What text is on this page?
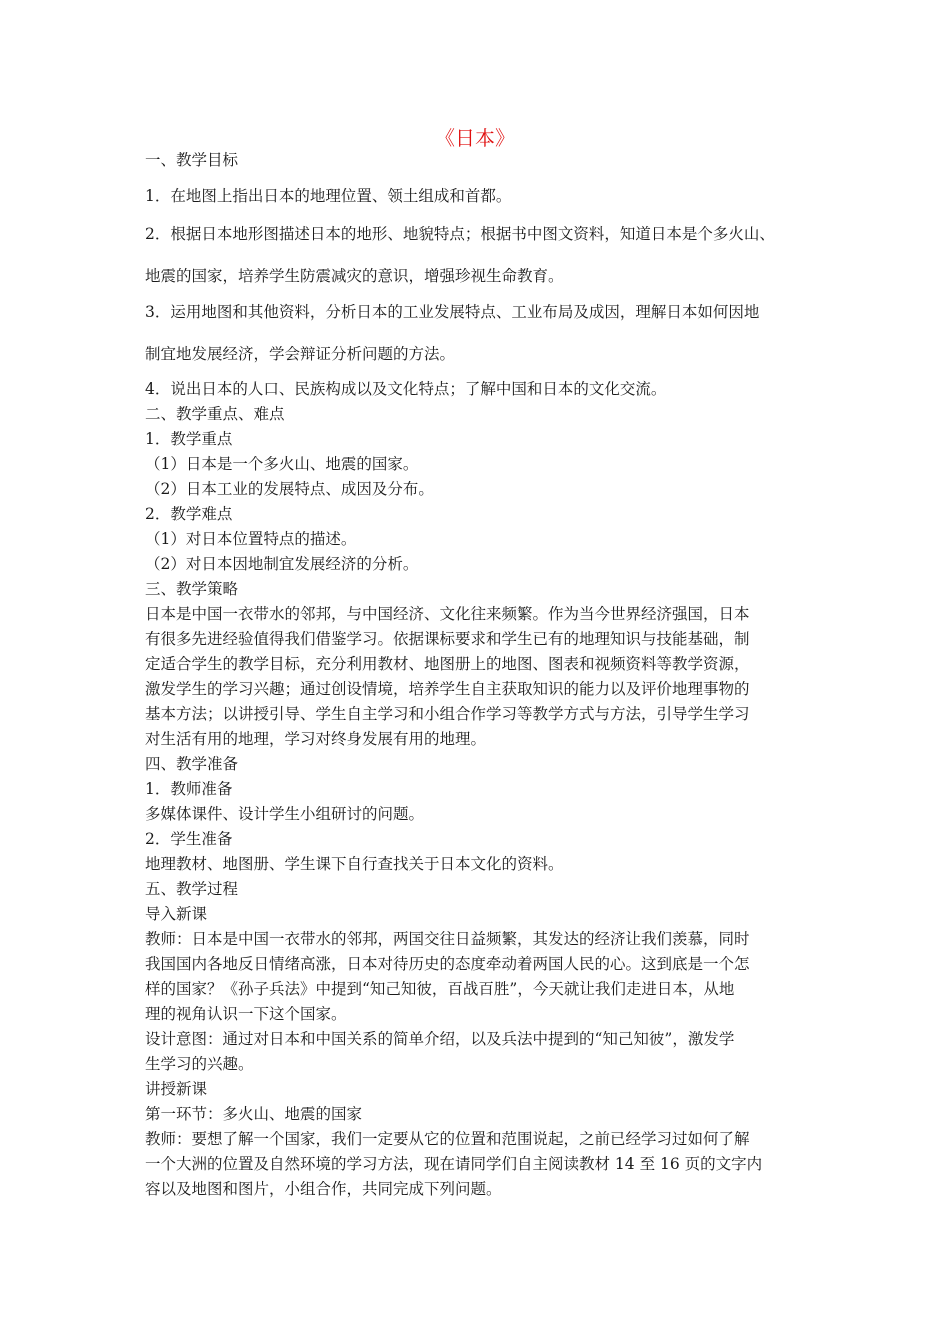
《日本》

一、教学目标

1．在地图上指出日本的地理位置、领土组成和首都。

2．根据日本地形图描述日本的地形、地貌特点；根据书中图文资料，知道日本是个多火山、

地震的国家，培养学生防震减灾的意识，增强珍视生命教育。

3．运用地图和其他资料，分析日本的工业发展特点、工业布局及成因，理解日本如何因地

制宜地发展经济，学会辩证分析问题的方法。

4．说出日本的人口、民族构成以及文化特点；了解中国和日本的文化交流。

二、教学重点、难点

1．教学重点

（1）日本是一个多火山、地震的国家。

（2）日本工业的发展特点、成因及分布。

2．教学难点

（1）对日本位置特点的描述。

（2）对日本因地制宜发展经济的分析。

三、教学策略

日本是中国一衣带水的邻邦，与中国经济、文化往来频繁。作为当今世界经济强国，日本

有很多先进经验值得我们借鉴学习。依据课标要求和学生已有的地理知识与技能基础，制

定适合学生的教学目标，充分利用教材、地图册上的地图、图表和视频资料等教学资源，

激发学生的学习兴趣；通过创设情境，培养学生自主获取知识的能力以及评价地理事物的

基本方法；以讲授引导、学生自主学习和小组合作学习等教学方式与方法，引导学生学习

对生活有用的地理，学习对终身发展有用的地理。

四、教学准备

1．教师准备

多媒体课件、设计学生小组研讨的问题。

2．学生准备

地理教材、地图册、学生课下自行查找关于日本文化的资料。

五、教学过程

导入新课

教师：日本是中国一衣带水的邻邦，两国交往日益频繁，其发达的经济让我们羡慕，同时

我国国内各地反日情绪高涨，日本对待历史的态度牵动着两国人民的心。这到底是一个怎

样的国家？《孙子兵法》中提到“知己知彼，百战百胜”，今天就让我们走进日本，从地

理的视角认识一下这个国家。

设计意图：通过对日本和中国关系的简单介绍，以及兵法中提到的“知己知彼”，激发学

生学习的兴趣。

讲授新课

第一环节：多火山、地震的国家

教师：要想了解一个国家，我们一定要从它的位置和范围说起，之前已经学习过如何了解

一个大洲的位置及自然环境的学习方法，现在请同学们自主阅读教材 14 至 16 页的文字内

容以及地图和图片，小组合作，共同完成下列问题。
